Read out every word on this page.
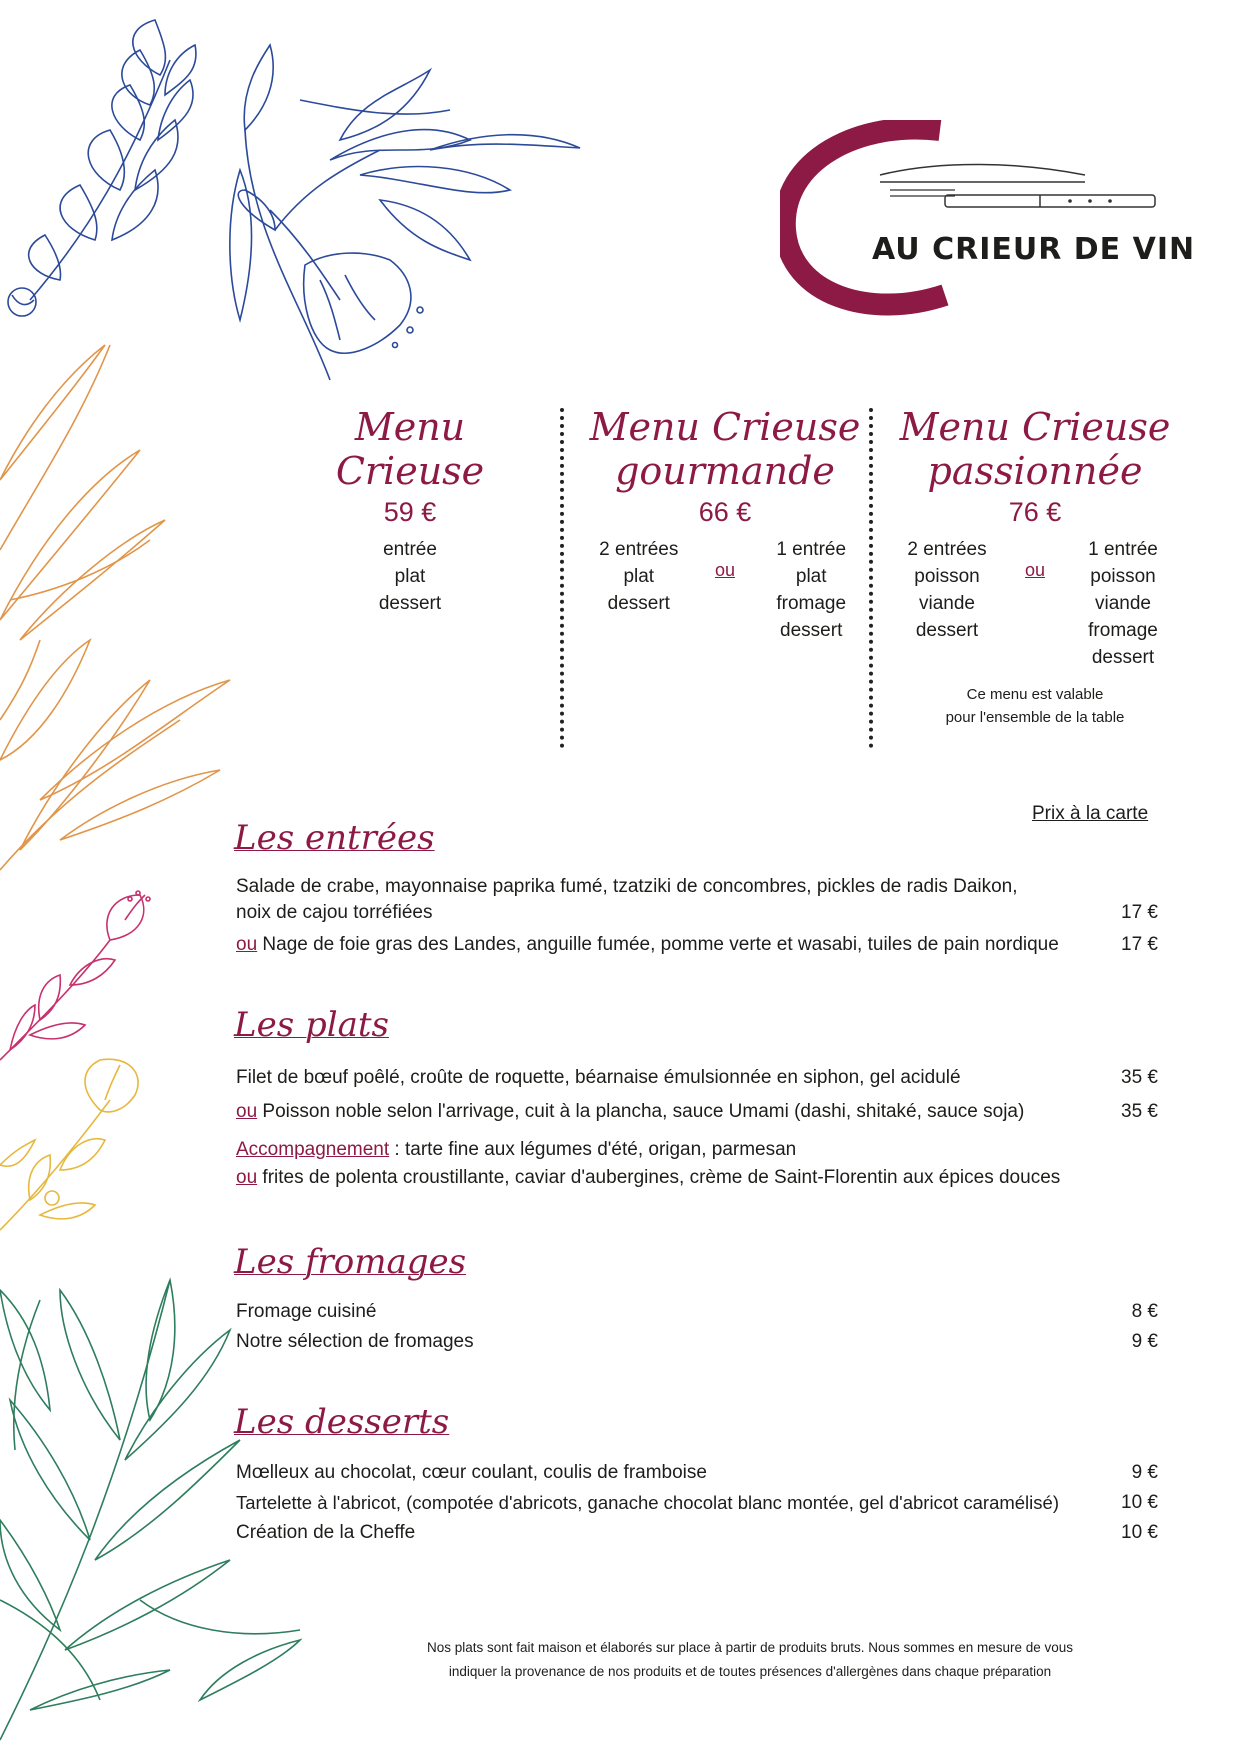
AU CRIEUR DE VIN
Menu Crieuse
59 €
entrée
plat
dessert
Menu Crieuse
gourmande
66 €
2 entrées
plat
dessert
ou
1 entrée
plat
fromage
dessert
Menu Crieuse
passionnée
76 €
2 entrées
poisson
viande
dessert
ou
1 entrée
poisson
viande
fromage
dessert
Ce menu est valable
pour l'ensemble de la table
Prix à la carte
Les entrées
Salade de crabe, mayonnaise paprika fumé, tzatziki de concombres, pickles de radis Daikon,
noix de cajou torréfiées	17 €
ou Nage de foie gras des Landes, anguille fumée, pomme verte et wasabi, tuiles de pain nordique	17 €
Les plats
Filet de bœuf poêlé, croûte de roquette, béarnaise émulsionnée en siphon, gel acidulé	35 €
ou Poisson noble selon l'arrivage, cuit à la plancha, sauce Umami (dashi, shitaké, sauce soja)	35 €
Accompagnement : tarte fine aux légumes d'été, origan, parmesan
ou frites de polenta croustillante, caviar d'aubergines, crème de Saint-Florentin aux épices douces
Les fromages
Fromage cuisiné	8 €
Notre sélection de fromages	9 €
Les desserts
Mœlleux au chocolat, cœur coulant, coulis de framboise	9 €
Tartelette à l'abricot, (compotée d'abricots, ganache chocolat blanc montée, gel d'abricot caramélisé)	10 €
Création de la Cheffe	10 €
Nos plats sont fait maison et élaborés sur place à partir de produits bruts. Nous sommes en mesure de vous
indiquer la provenance de nos produits et de toutes présences d'allergènes dans chaque préparation
